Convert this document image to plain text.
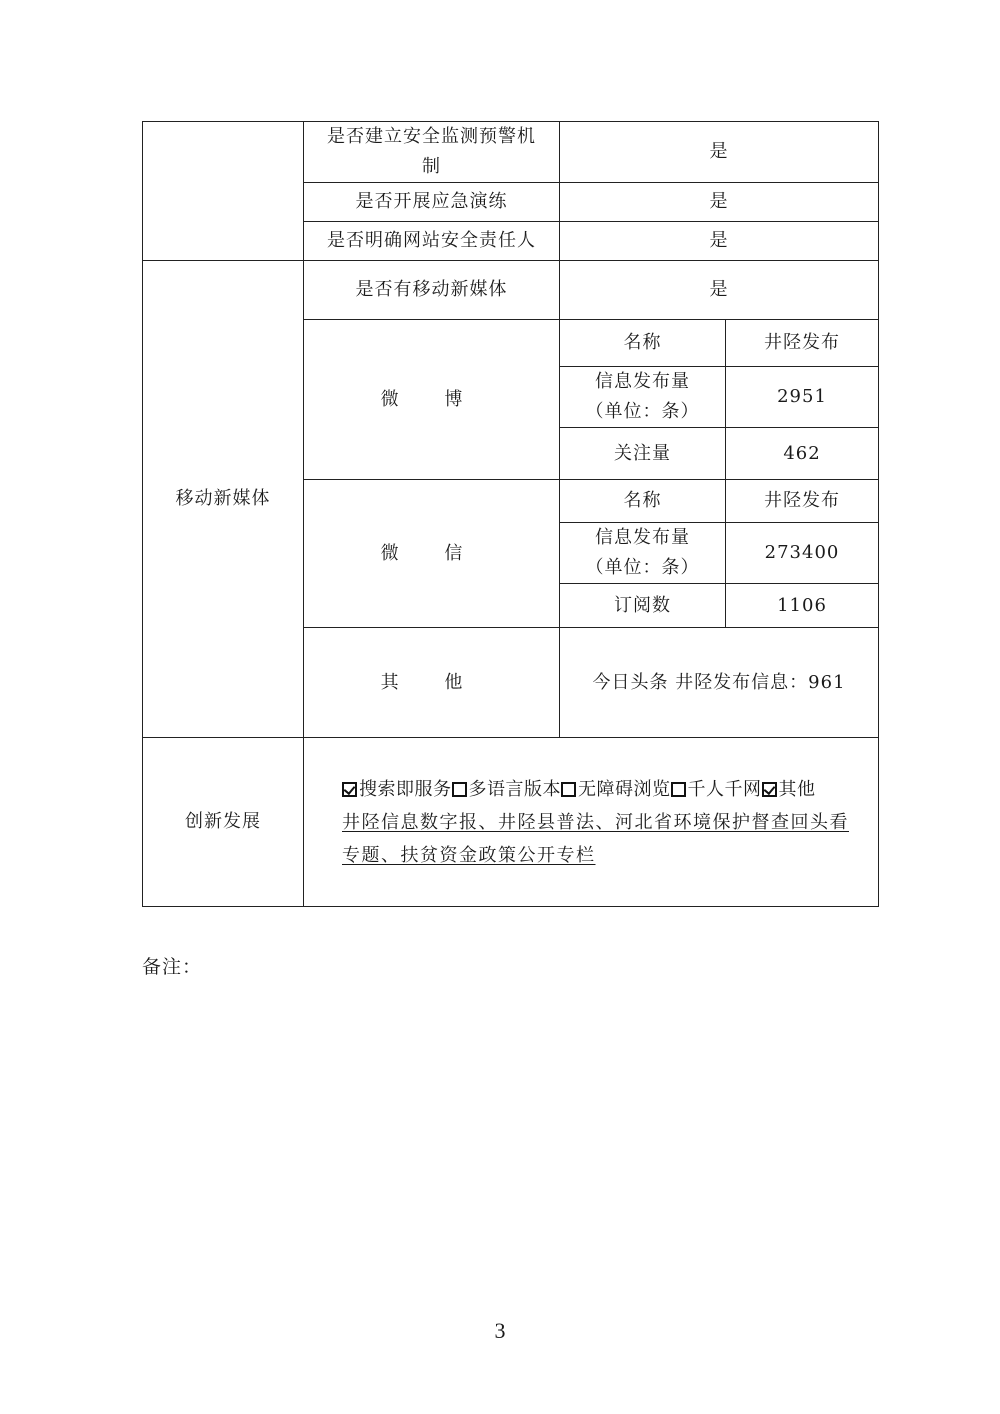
	是否建立安全监测预警机制	是	
	是否开展应急演练	是	
	是否明确网站安全责任人	是	
移动新媒体	是否有移动新媒体	是	
	微 博	名称	井陉发布
		信息发布量（单位：条）	2951
		关注量	462
	微 信	名称	井陉发布
		信息发布量（单位：条）	273400
		订阅数	1106
	其 他	今日头条 井陉发布信息：961	
创新发展	搜索即服务 多语言版本 无障碍浏览 千人千网 其他
井陉信息数字报、井陉县普法、河北省环境保护督查回头看专题、扶贫资金政策公开专栏		
备注：
3
